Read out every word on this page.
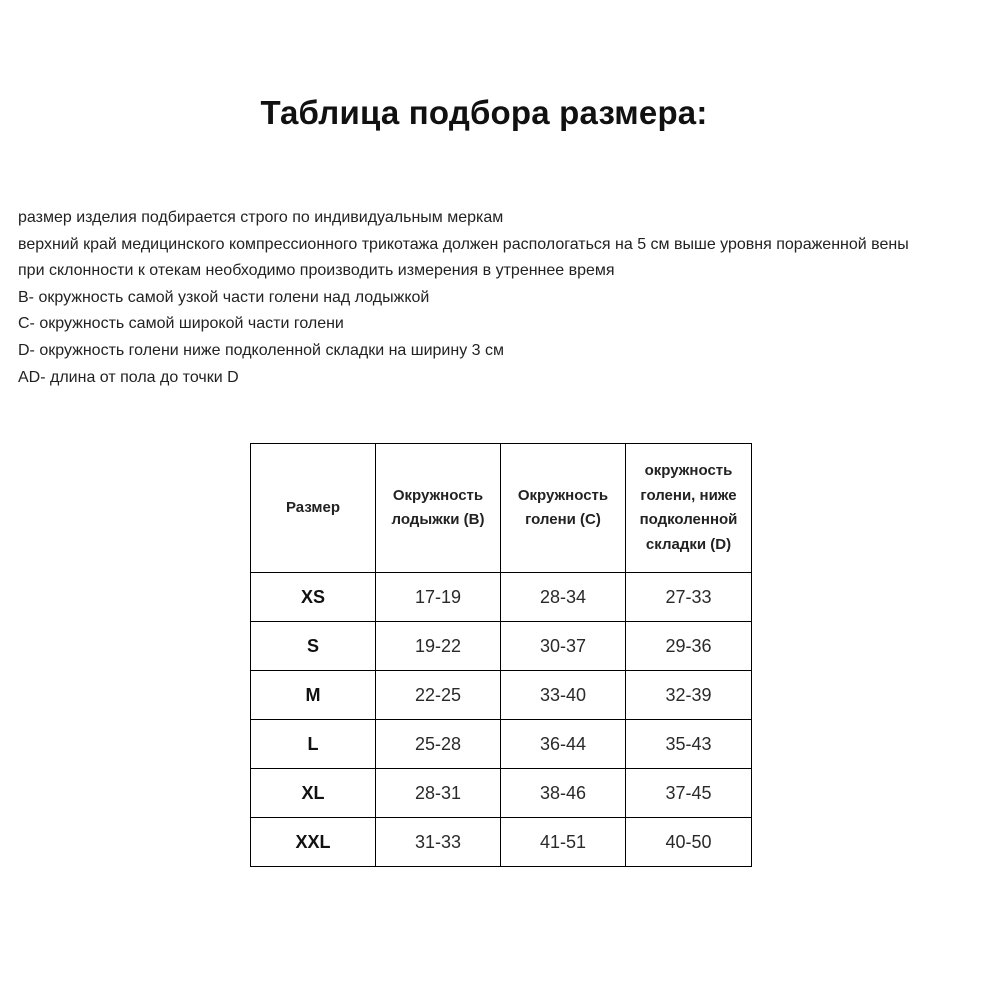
Таблица подбора размера:
размер изделия подбирается строго по индивидуальным меркам
верхний край медицинского компрессионного трикотажа должен распологаться на 5 см выше уровня пораженной вены
при склонности к отекам необходимо производить измерения в утреннее время
В- окружность самой узкой части голени над лодыжкой
С- окружность самой широкой части голени
D- окружность голени ниже подколенной складки на ширину 3 см
AD- длина от пола до точки D
Размер	Окружность лодыжки (В)	Окружность голени (С)	окружность голени, ниже подколенной складки (D)
XS	17-19	28-34	27-33
S	19-22	30-37	29-36
M	22-25	33-40	32-39
L	25-28	36-44	35-43
XL	28-31	38-46	37-45
XXL	31-33	41-51	40-50
